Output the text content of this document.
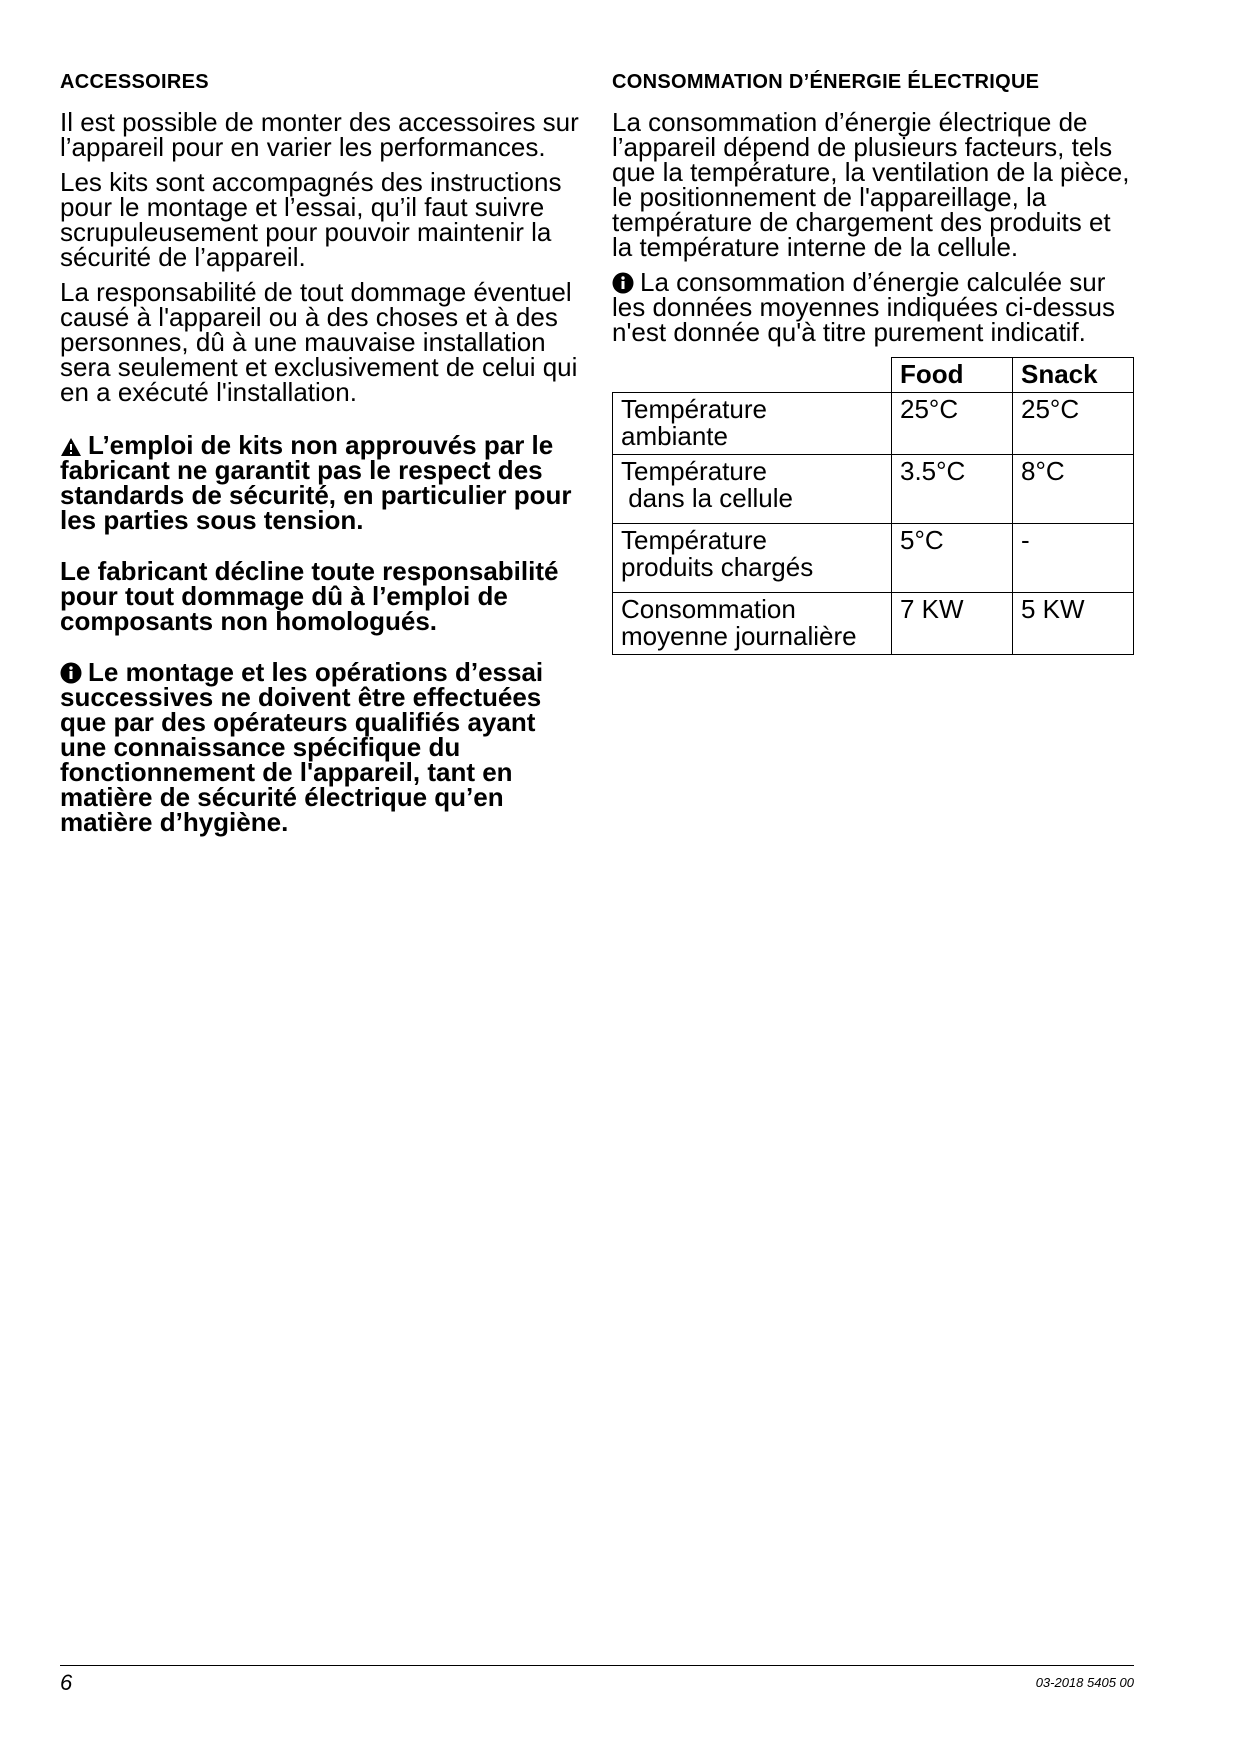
ACCESSOIRES

Il est possible de monter des accessoires sur l’appareil pour en varier les performances.

Les kits sont accompagnés des instructions pour le montage et l’essai, qu’il faut suivre scrupuleusement pour pouvoir maintenir la sécurité de l’appareil.

La responsabilité de tout dommage éventuel causé à l'appareil ou à des choses et à des personnes, dû à une mauvaise installation sera seulement et exclusivement de celui qui en a exécuté l'installation.

L’emploi de kits non approuvés par le fabricant ne garantit pas le respect des standards de sécurité, en particulier pour les parties sous tension.

Le fabricant décline toute responsabilité pour tout dommage dû à l’emploi de composants non homologués.

Le montage et les opérations d’essai successives ne doivent être effectuées que par des opérateurs qualifiés ayant une connaissance spécifique du fonctionnement de l'appareil, tant en matière de sécurité électrique qu’en matière d’hygiène.

CONSOMMATION D’ÉNERGIE ÉLECTRIQUE

La consommation d’énergie électrique de l’appareil dépend de plusieurs facteurs, tels que la température, la ventilation de la pièce, le positionnement de l'appareillage, la température de chargement des produits et la température interne de la cellule.

La consommation d’énergie calculée sur les données moyennes indiquées ci-dessus n'est donnée qu'à titre purement indicatif.

	Food	Snack
Température
ambiante	25°C	25°C
Température
dans la cellule	3.5°C	8°C
Température
produits chargés	5°C	-
Consommation
moyenne journalière	7 KW	5 KW
6	03-2018 5405 00
